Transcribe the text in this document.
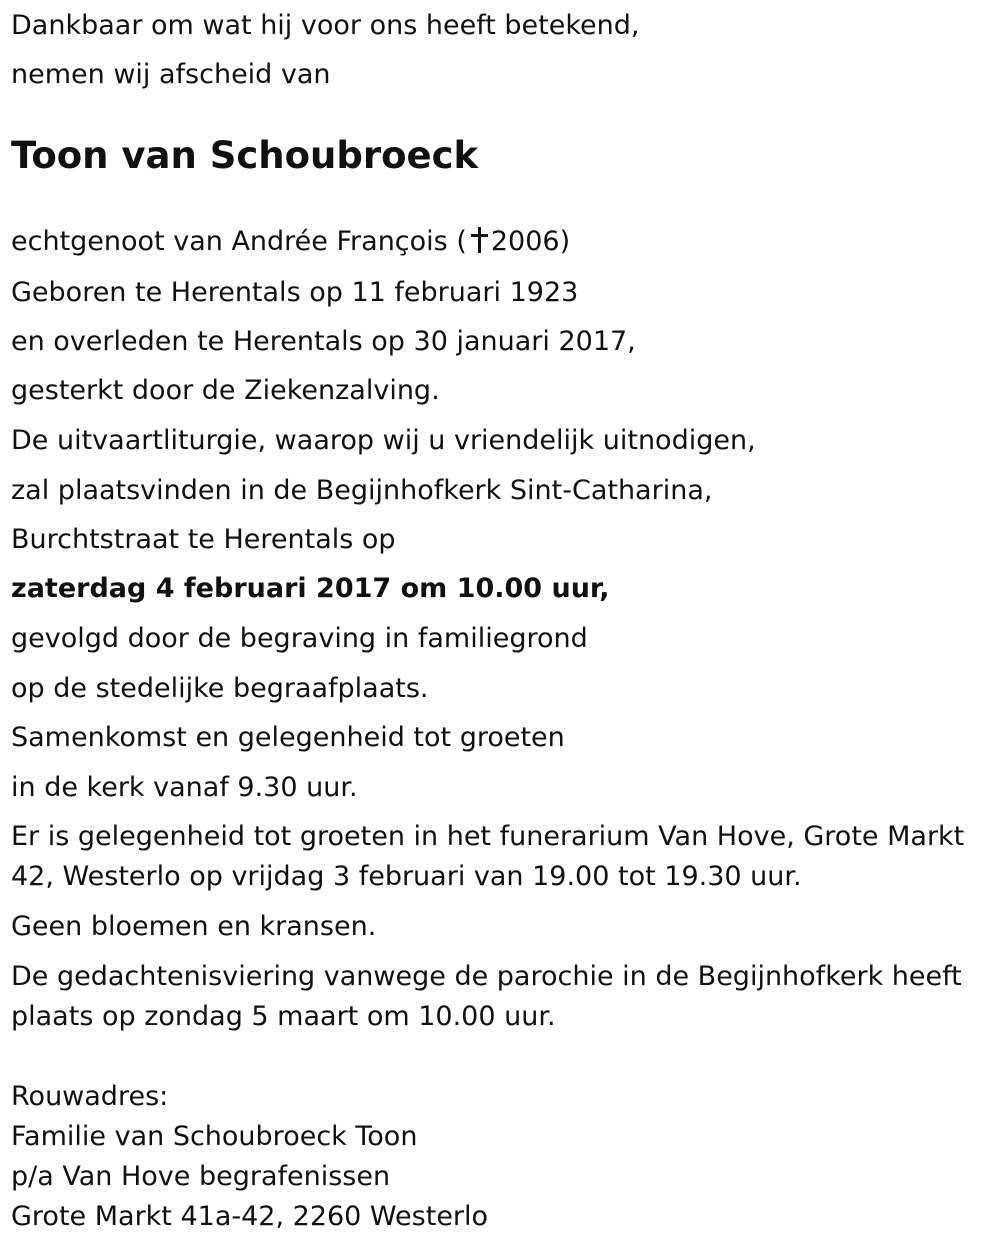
Dankbaar om wat hij voor ons heeft betekend,
nemen wij afscheid van
Toon van Schoubroeck
echtgenoot van Andrée François ( 2006)
Geboren te Herentals op 11 februari 1923
en overleden te Herentals op 30 januari 2017,
gesterkt door de Ziekenzalving.
De uitvaartliturgie, waarop wij u vriendelijk uitnodigen,
zal plaatsvinden in de Begijnhofkerk Sint-Catharina,
Burchtstraat te Herentals op
zaterdag 4 februari 2017 om 10.00 uur,
gevolgd door de begraving in familiegrond
op de stedelijke begraafplaats.
Samenkomst en gelegenheid tot groeten
in de kerk vanaf 9.30 uur.
Er is gelegenheid tot groeten in het funerarium Van Hove, Grote Markt 42, Westerlo op vrijdag 3 februari van 19.00 tot 19.30 uur.
Geen bloemen en kransen.
De gedachtenisviering vanwege de parochie in de Begijnhofkerk heeft plaats op zondag 5 maart om 10.00 uur.
Rouwadres:
Familie van Schoubroeck Toon
p/a Van Hove begrafenissen
Grote Markt 41a-42, 2260 Westerlo
